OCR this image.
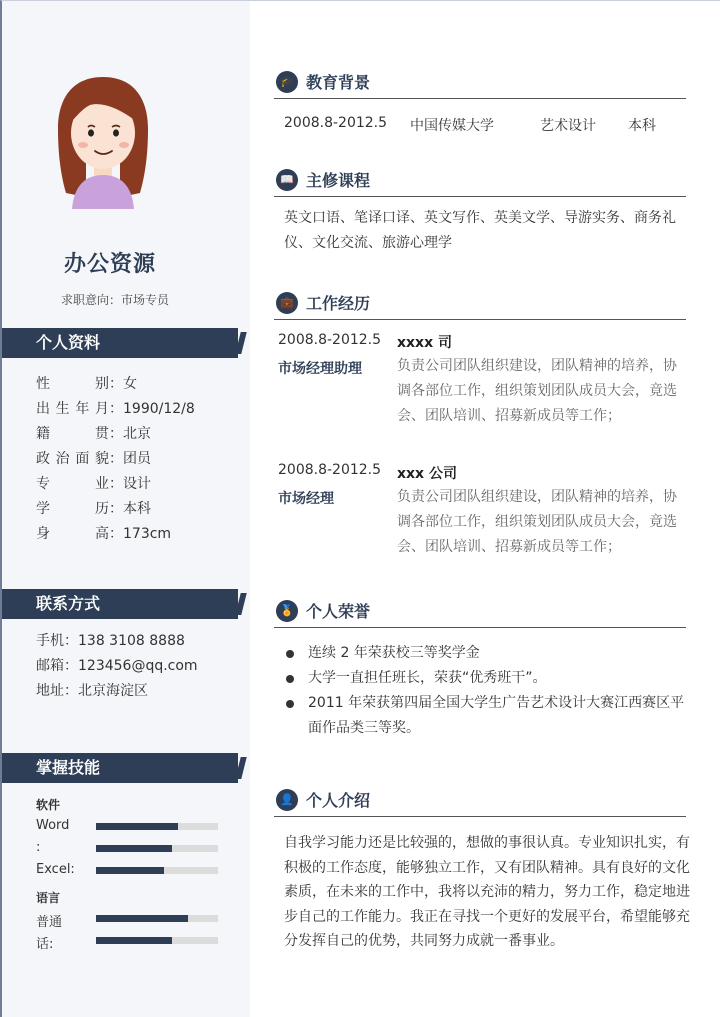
办公资源
求职意向：市场专员
个人资料
性　　别 ：女
出生年月 ：1990/12/8
籍　　贯 ：北京
政治面貌 ：团员
专　　业 ：设计
学　　历 ：本科
身　　高 ：173cm
联系方式
手机：138 3108 8888
邮箱：123456@qq.com
地址：北京海淀区
掌握技能
软件
Word
:
Excel:
语言
普通
话:
🎓 教育背景
2008.8-2012.5 中国传媒大学	艺术设计 本科
📖 主修课程
英文口语、笔译口译、英文写作、英美文学、导游实务、商务礼仪、文化交流、旅游心理学
💼 工作经历
2008.8-2012.5 xxxx 司
市场经理助理	负责公司团队组织建设，团队精神的培养，协调各部位工作，组织策划团队成员大会，竟选会、团队培训、招募新成员等工作；
2008.8-2012.5 xxx 公司
市场经理	负责公司团队组织建设，团队精神的培养，协调各部位工作，组织策划团队成员大会，竟选会、团队培训、招募新成员等工作；
🏅 个人荣誉
连续 2 年荣获校三等奖学金
大学一直担任班长，荣获“优秀班干”。
2011 年荣获第四届全国大学生广告艺术设计大赛江西赛区平　面作品类三等奖。
👤 个人介绍
自我学习能力还是比较强的，想做的事很认真。专业知识扎实，有积极的工作态度，能够独立工作，又有团队精神。具有良好的文化素质，在未来的工作中，我将以充沛的精力，努力工作，稳定地进步自己的工作能力。我正在寻找一个更好的发展平台，希望能够充分发挥自己的优势，共同努力成就一番事业。
